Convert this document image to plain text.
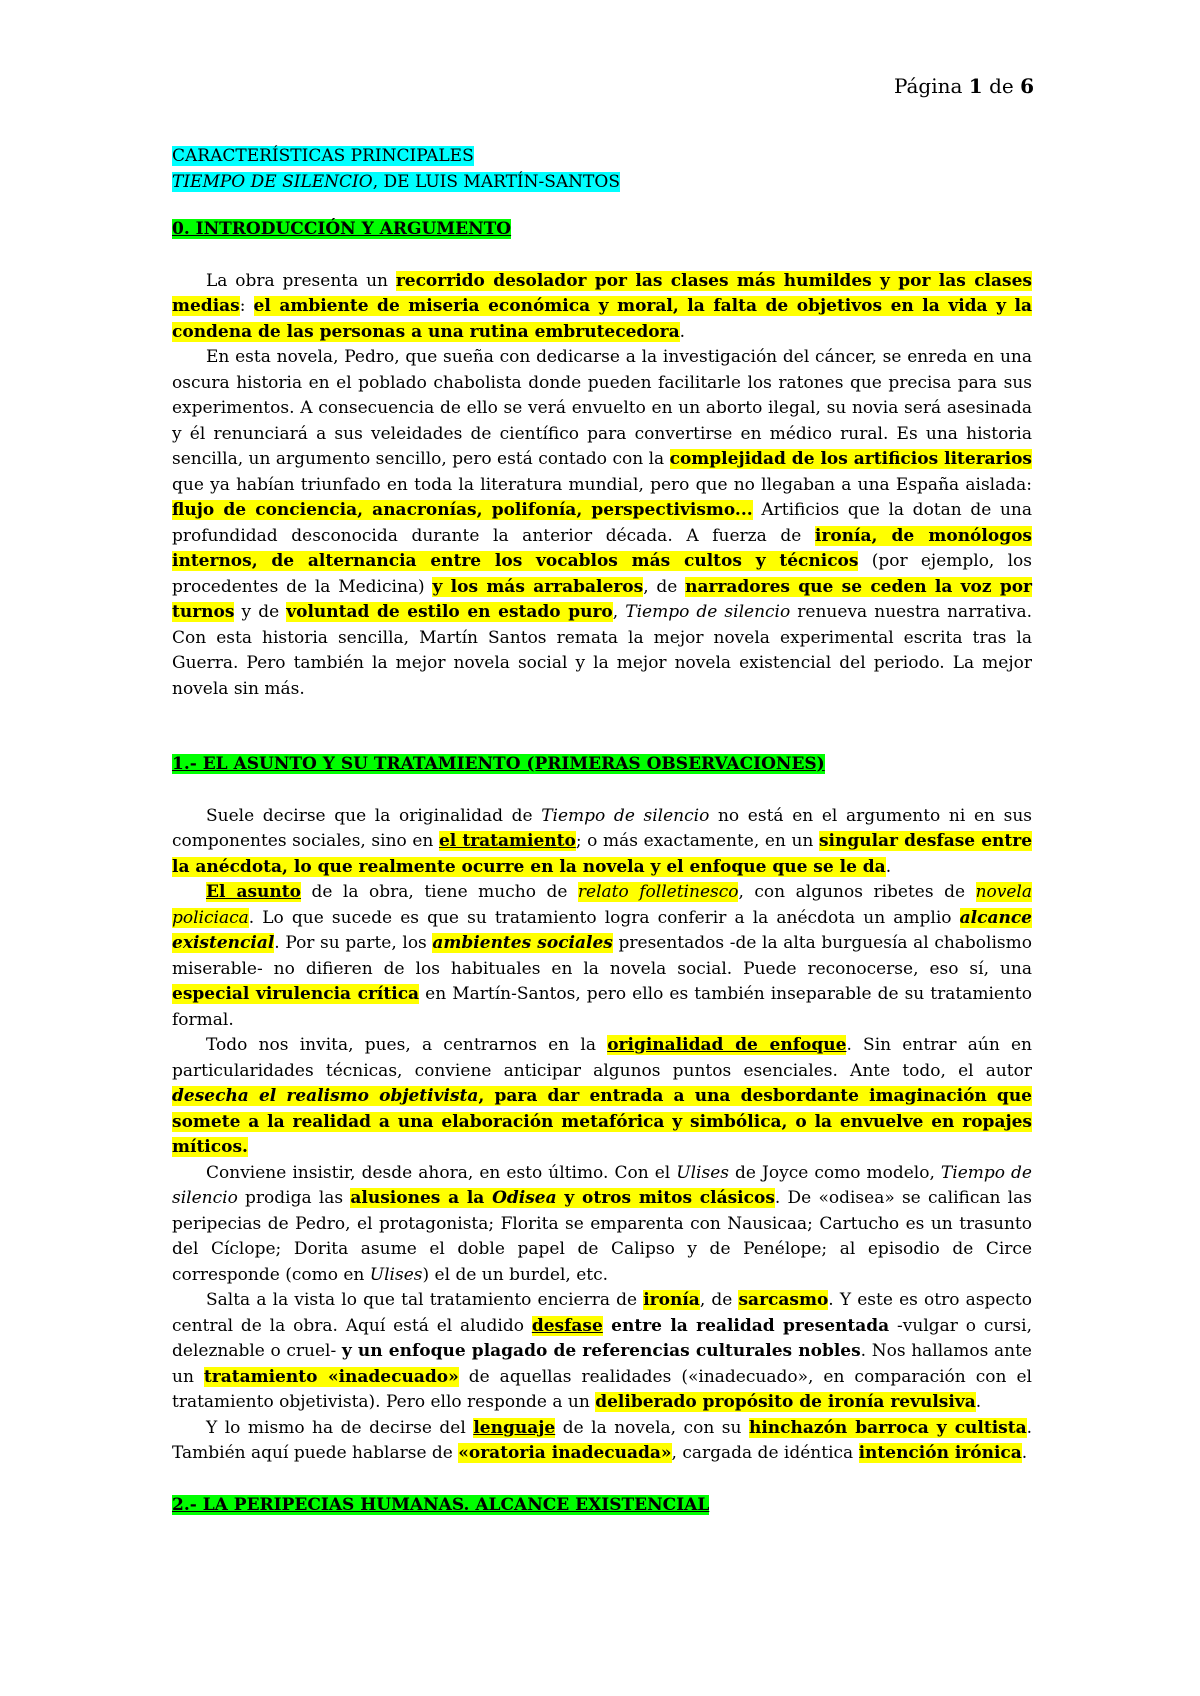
Página 1 de 6
CARACTERÍSTICAS PRINCIPALES
TIEMPO DE SILENCIO, DE LUIS MARTÍN-SANTOS
0. INTRODUCCIÓN Y ARGUMENTO

La obra presenta un recorrido desolador por las clases más humildes y por las clases medias: el ambiente de miseria económica y moral, la falta de objetivos en la vida y la condena de las personas a una rutina embrutecedora.

En esta novela, Pedro, que sueña con dedicarse a la investigación del cáncer, se enreda en una oscura historia en el poblado chabolista donde pueden facilitarle los ratones que precisa para sus experimentos. A consecuencia de ello se verá envuelto en un aborto ilegal, su novia será asesinada y él renunciará a sus veleidades de científico para convertirse en médico rural. Es una historia sencilla, un argumento sencillo, pero está contado con la complejidad de los artificios literarios que ya habían triunfado en toda la literatura mundial, pero que no llegaban a una España aislada: flujo de conciencia, anacronías, polifonía, perspectivismo... Artificios que la dotan de una profundidad desconocida durante la anterior década. A fuerza de ironía, de monólogos internos, de alternancia entre los vocablos más cultos y técnicos (por ejemplo, los procedentes de la Medicina) y los más arrabaleros, de narradores que se ceden la voz por turnos y de voluntad de estilo en estado puro, Tiempo de silencio renueva nuestra narrativa. Con esta historia sencilla, Martín Santos remata la mejor novela experimental escrita tras la Guerra. Pero también la mejor novela social y la mejor novela existencial del periodo. La mejor novela sin más.

1.- EL ASUNTO Y SU TRATAMIENTO (PRIMERAS OBSERVACIONES)

Suele decirse que la originalidad de Tiempo de silencio no está en el argumento ni en sus componentes sociales, sino en el tratamiento; o más exactamente, en un singular desfase entre la anécdota, lo que realmente ocurre en la novela y el enfoque que se le da.

El asunto de la obra, tiene mucho de relato folletinesco, con algunos ribetes de novela policiaca. Lo que sucede es que su tratamiento logra conferir a la anécdota un amplio alcance existencial. Por su parte, los ambientes sociales presentados -de la alta burguesía al chabolismo miserable- no difieren de los habituales en la novela social. Puede reconocerse, eso sí, una especial virulencia crítica en Martín-Santos, pero ello es también inseparable de su tratamiento formal.

Todo nos invita, pues, a centrarnos en la originalidad de enfoque. Sin entrar aún en particularidades técnicas, conviene anticipar algunos puntos esenciales. Ante todo, el autor desecha el realismo objetivista, para dar entrada a una desbordante imaginación que somete a la realidad a una elaboración metafórica y simbólica, o la envuelve en ropajes míticos.

Conviene insistir, desde ahora, en esto último. Con el Ulises de Joyce como modelo, Tiempo de silencio prodiga las alusiones a la Odisea y otros mitos clásicos. De «odisea» se califican las peripecias de Pedro, el protagonista; Florita se emparenta con Nausicaa; Cartucho es un trasunto del Cíclope; Dorita asume el doble papel de Calipso y de Penélope; al episodio de Circe corresponde (como en Ulises) el de un burdel, etc.

Salta a la vista lo que tal tratamiento encierra de ironía, de sarcasmo. Y este es otro aspecto central de la obra. Aquí está el aludido desfase entre la realidad presentada -vulgar o cursi, deleznable o cruel- y un enfoque plagado de referencias culturales nobles. Nos hallamos ante un tratamiento «inadecuado» de aquellas realidades («inadecuado», en comparación con el tratamiento objetivista). Pero ello responde a un deliberado propósito de ironía revulsiva.

Y lo mismo ha de decirse del lenguaje de la novela, con su hinchazón barroca y cultista. También aquí puede hablarse de «oratoria inadecuada», cargada de idéntica intención irónica.

2.- LA PERIPECIAS HUMANAS. ALCANCE EXISTENCIAL
